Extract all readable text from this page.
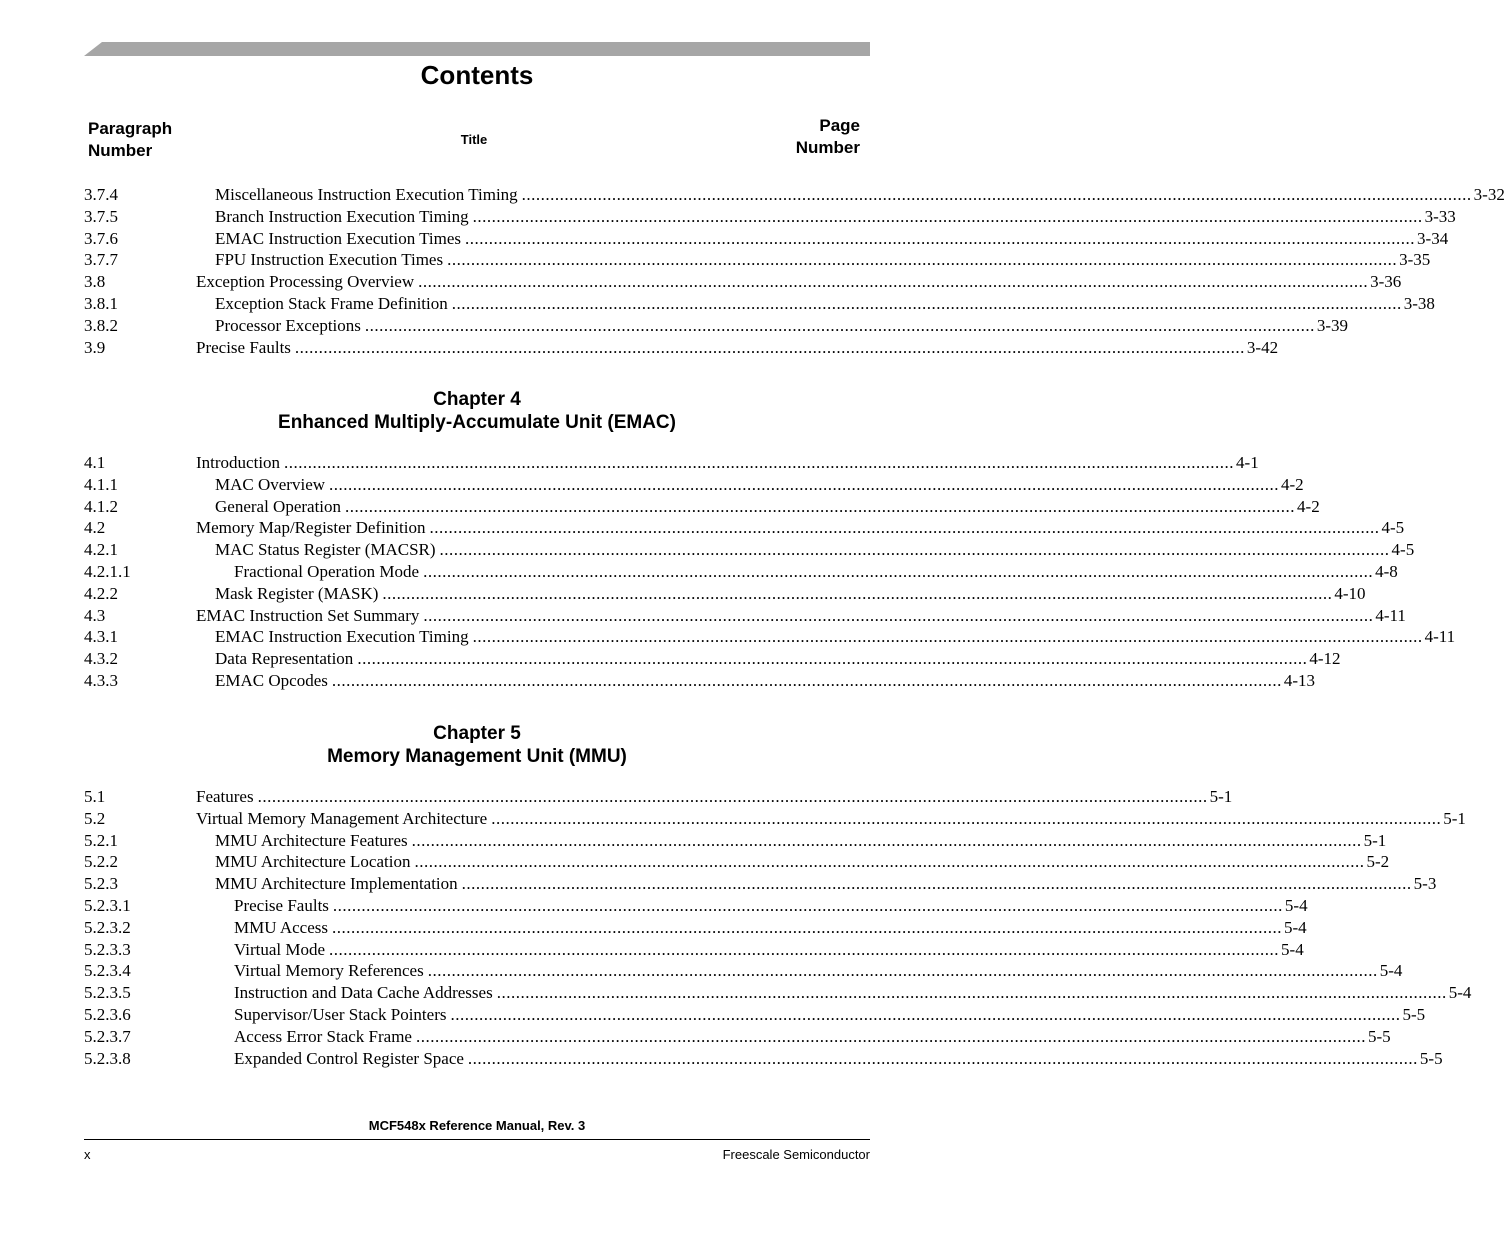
Contents
Paragraph
Number
Title
Page
Number
3.7.4	Miscellaneous Instruction Execution Timing ........................................................................................................................................................................................................ 3-32
3.7.5	Branch Instruction Execution Timing ........................................................................................................................................................................................................ 3-33
3.7.6	EMAC Instruction Execution Times ........................................................................................................................................................................................................ 3-34
3.7.7	FPU Instruction Execution Times ........................................................................................................................................................................................................ 3-35
3.8	Exception Processing Overview ........................................................................................................................................................................................................ 3-36
3.8.1	Exception Stack Frame Definition ........................................................................................................................................................................................................ 3-38
3.8.2	Processor Exceptions ........................................................................................................................................................................................................ 3-39
3.9	Precise Faults ........................................................................................................................................................................................................ 3-42
Chapter 4
Enhanced Multiply-Accumulate Unit (EMAC)
4.1	Introduction ........................................................................................................................................................................................................ 4-1
4.1.1	MAC Overview ........................................................................................................................................................................................................ 4-2
4.1.2	General Operation ........................................................................................................................................................................................................ 4-2
4.2	Memory Map/Register Definition ........................................................................................................................................................................................................ 4-5
4.2.1	MAC Status Register (MACSR) ........................................................................................................................................................................................................ 4-5
4.2.1.1	Fractional Operation Mode ........................................................................................................................................................................................................ 4-8
4.2.2	Mask Register (MASK) ........................................................................................................................................................................................................ 4-10
4.3	EMAC Instruction Set Summary ........................................................................................................................................................................................................ 4-11
4.3.1	EMAC Instruction Execution Timing ........................................................................................................................................................................................................ 4-11
4.3.2	Data Representation ........................................................................................................................................................................................................ 4-12
4.3.3	EMAC Opcodes ........................................................................................................................................................................................................ 4-13
Chapter 5
Memory Management Unit (MMU)
5.1	Features ........................................................................................................................................................................................................ 5-1
5.2	Virtual Memory Management Architecture ........................................................................................................................................................................................................ 5-1
5.2.1	MMU Architecture Features ........................................................................................................................................................................................................ 5-1
5.2.2	MMU Architecture Location ........................................................................................................................................................................................................ 5-2
5.2.3	MMU Architecture Implementation ........................................................................................................................................................................................................ 5-3
5.2.3.1	Precise Faults ........................................................................................................................................................................................................ 5-4
5.2.3.2	MMU Access ........................................................................................................................................................................................................ 5-4
5.2.3.3	Virtual Mode ........................................................................................................................................................................................................ 5-4
5.2.3.4	Virtual Memory References ........................................................................................................................................................................................................ 5-4
5.2.3.5	Instruction and Data Cache Addresses ........................................................................................................................................................................................................ 5-4
5.2.3.6	Supervisor/User Stack Pointers ........................................................................................................................................................................................................ 5-5
5.2.3.7	Access Error Stack Frame ........................................................................................................................................................................................................ 5-5
5.2.3.8	Expanded Control Register Space ........................................................................................................................................................................................................ 5-5
MCF548x Reference Manual, Rev. 3
x	Freescale Semiconductor
